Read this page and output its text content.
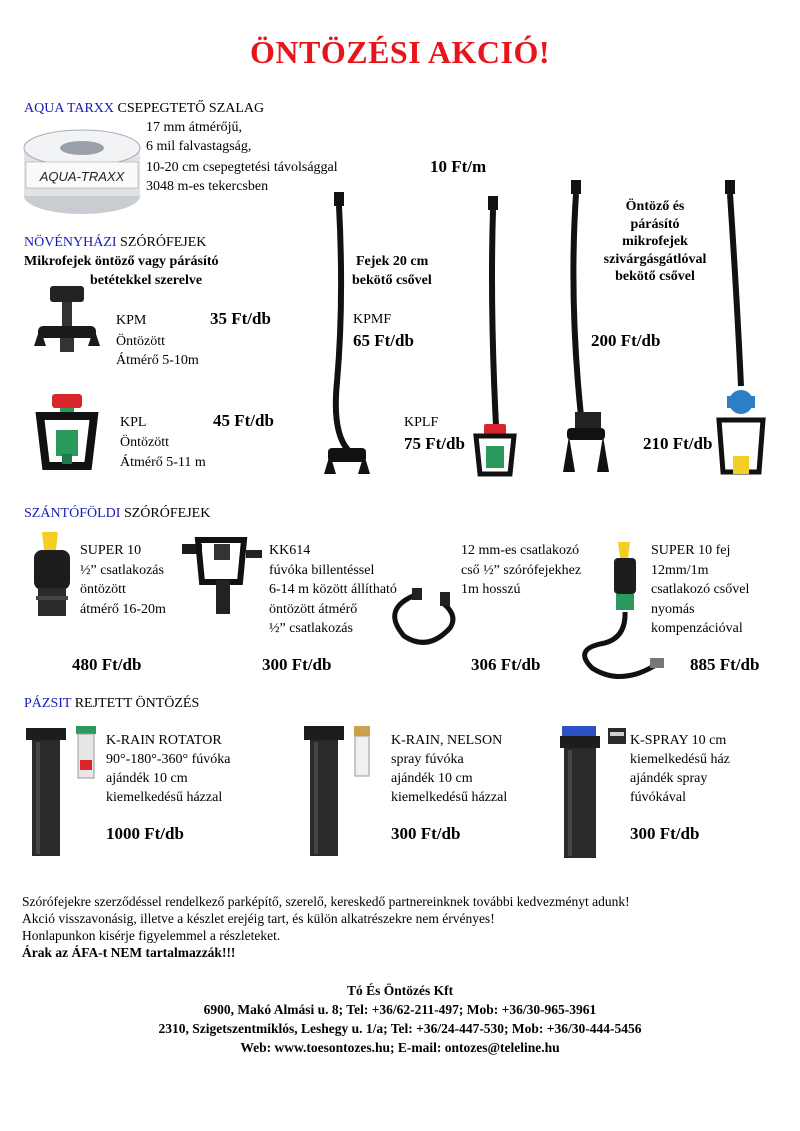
ÖNTÖZÉSI AKCIÓ!
AQUA TARXX CSEPEGTETŐ SZALAG
AQUA-TRAXX
17 mm átmérőjű,
6 mil falvastagság,
10-20 cm csepegtetési távolsággal
3048 m-es tekercsben
10 Ft/m
NÖVÉNYHÁZI SZÓRÓFEJEK
Mikrofejek öntöző vagy párásító
betétekkel szerelve
Fejek 20 cm
bekötő csővel
Öntöző és
párásító
mikrofejek
szivárgásgátlóval
bekötő csővel
KPM	35 Ft/db
Öntözött
Átmérő 5-10m
KPL	45 Ft/db
Öntözött
Átmérő 5-11 m
KPMF
65 Ft/db
KPLF
75 Ft/db
200 Ft/db
210 Ft/db
SZÁNTÓFÖLDI SZÓRÓFEJEK
SUPER 10
½” csatlakozás
öntözött
átmérő 16-20m
480 Ft/db
KK614
fúvóka billentéssel
6-14 m között állítható
öntözött átmérő
½” csatlakozás
300 Ft/db
12 mm-es csatlakozó
cső ½” szórófejekhez
1m hosszú
306 Ft/db
SUPER 10 fej
12mm/1m
csatlakozó csővel
nyomás
kompenzációval
885 Ft/db
PÁZSIT REJTETT ÖNTÖZÉS
K-RAIN ROTATOR
90°-180°-360° fúvóka
ajándék 10 cm
kiemelkedésű házzal
1000 Ft/db
K-RAIN, NELSON
spray fúvóka
ajándék 10 cm
kiemelkedésű házzal
300 Ft/db
K-SPRAY 10 cm
kiemelkedésű ház
ajándék spray
fúvókával
300 Ft/db
Szórófejekre szerződéssel rendelkező parképítő, szerelő, kereskedő partnereinknek további kedvezményt adunk!
Akció visszavonásig, illetve a készlet erejéig tart, és külön alkatrészekre nem érvényes!
Honlapunkon kisérje figyelemmel a részleteket.
Árak az ÁFA-t NEM tartalmazzák!!!
Tó És Öntözés Kft
6900, Makó Almási u. 8; Tel: +36/62-211-497; Mob: +36/30-965-3961
2310, Szigetszentmiklós, Leshegy u. 1/a; Tel: +36/24-447-530; Mob: +36/30-444-5456
Web: www.toesontozes.hu; E-mail: ontozes@teleline.hu
